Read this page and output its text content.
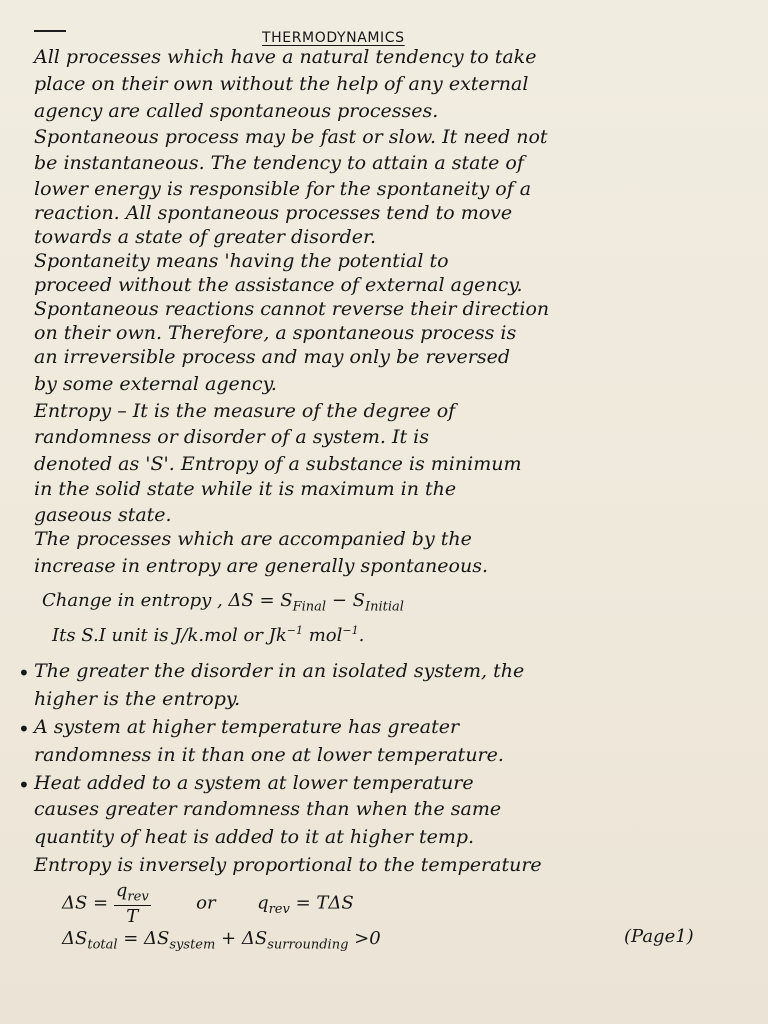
THERMODYNAMICS
All processes which have a natural tendency to take
place on their own without the help of any external
agency are called spontaneous processes.
Spontaneous process may be fast or slow. It need not
be instantaneous. The tendency to attain a state of
lower energy is responsible for the spontaneity of a
reaction. All spontaneous processes tend to move
towards a state of greater disorder.
Spontaneity means 'having the potential to
proceed without the assistance of external agency.
Spontaneous reactions cannot reverse their direction
on their own. Therefore, a spontaneous process is
an irreversible process and may only be reversed
by some external agency.
Entropy – It is the measure of the degree of
randomness or disorder of a system. It is
denoted as 'S'. Entropy of a substance is minimum
in the solid state while it is maximum in the
gaseous state.
The processes which are accompanied by the
increase in entropy are generally spontaneous.
Change in entropy , $\Delta S = S_{Final} - S_{Initial}$
Its S.I unit is J/k.mol or $Jk^{-1}$ mol$^{-1}$.
• The greater the disorder in an isolated system, the
higher is the entropy.
• A system at higher temperature has greater
randomness in it than one at lower temperature.
• Heat added to a system at lower temperature
causes greater randomness than when the same
quantity of heat is added to it at higher temp.
Entropy is inversely proportional to the temperature
$\Delta S = \frac{q_{rev}}{T}$	or $q_{rev} = T\Delta S$
$\Delta S_{total} = \Delta S_{system} + \Delta S_{surrounding} >0$	(Page1)
